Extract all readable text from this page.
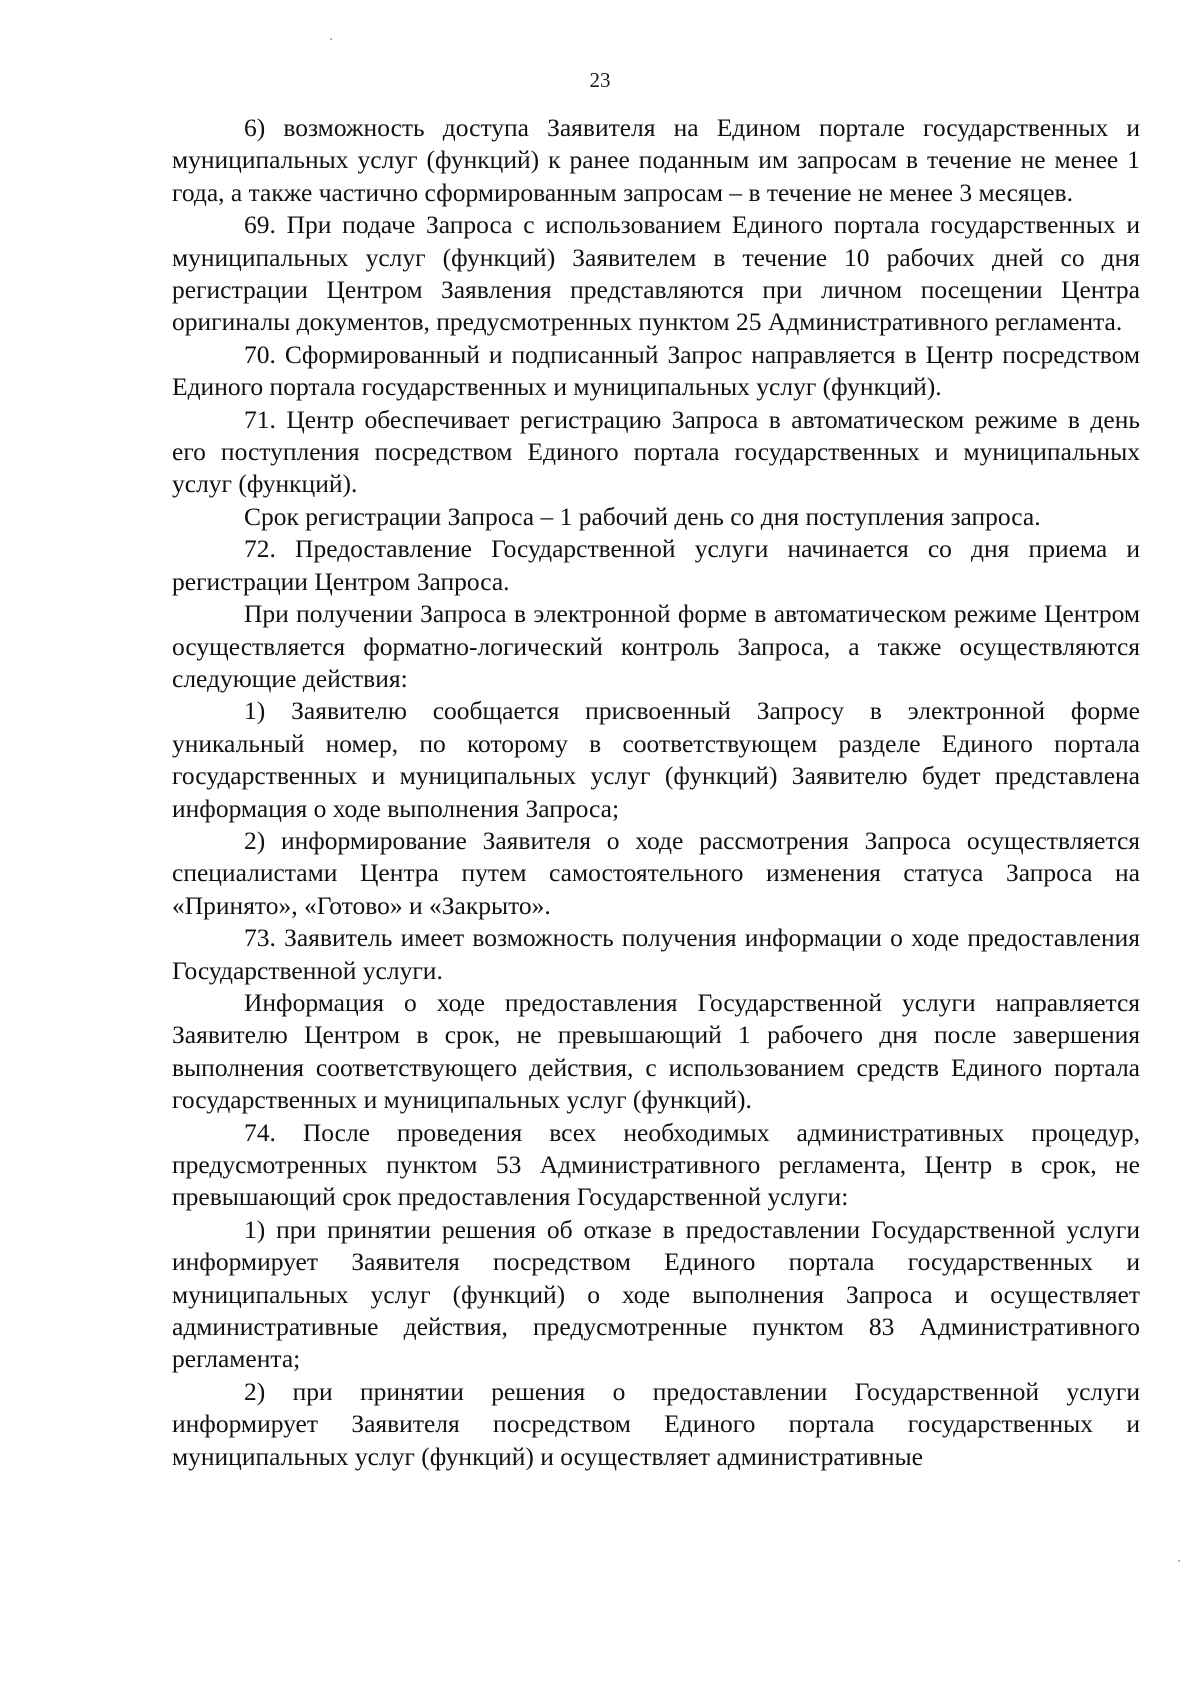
23

6) возможность доступа Заявителя на Едином портале государственных и муниципальных услуг (функций) к ранее поданным им запросам в течение не менее 1 года, а также частично сформированным запросам – в течение не менее 3 месяцев.

69. При подаче Запроса с использованием Единого портала государственных и муниципальных услуг (функций) Заявителем в течение 10 рабочих дней со дня регистрации Центром Заявления представляются при личном посещении Центра оригиналы документов, предусмотренных пунктом 25 Административного регламента.

70. Сформированный и подписанный Запрос направляется в Центр посредством Единого портала государственных и муниципальных услуг (функций).

71. Центр обеспечивает регистрацию Запроса в автоматическом режиме в день его поступления посредством Единого портала государственных и муниципальных услуг (функций).

Срок регистрации Запроса – 1 рабочий день со дня поступления запроса.

72. Предоставление Государственной услуги начинается со дня приема и регистрации Центром Запроса.

При получении Запроса в электронной форме в автоматическом режиме Центром осуществляется форматно-логический контроль Запроса, а также осуществляются следующие действия:

1) Заявителю сообщается присвоенный Запросу в электронной форме уникальный номер, по которому в соответствующем разделе Единого портала государственных и муниципальных услуг (функций) Заявителю будет представлена информация о ходе выполнения Запроса;

2) информирование Заявителя о ходе рассмотрения Запроса осуществляется специалистами Центра путем самостоятельного изменения статуса Запроса на «Принято», «Готово» и «Закрыто».

73. Заявитель имеет возможность получения информации о ходе предоставления Государственной услуги.

Информация о ходе предоставления Государственной услуги направляется Заявителю Центром в срок, не превышающий 1 рабочего дня после завершения выполнения соответствующего действия, с использованием средств Единого портала государственных и муниципальных услуг (функций).

74. После проведения всех необходимых административных процедур, предусмотренных пунктом 53 Административного регламента, Центр в срок, не превышающий срок предоставления Государственной услуги:

1) при принятии решения об отказе в предоставлении Государственной услуги информирует Заявителя посредством Единого портала государственных и муниципальных услуг (функций) о ходе выполнения Запроса и осуществляет административные действия, предусмотренные пунктом 83 Административного регламента;

2) при принятии решения о предоставлении Государственной услуги информирует Заявителя посредством Единого портала государственных и муниципальных услуг (функций) и осуществляет административные
